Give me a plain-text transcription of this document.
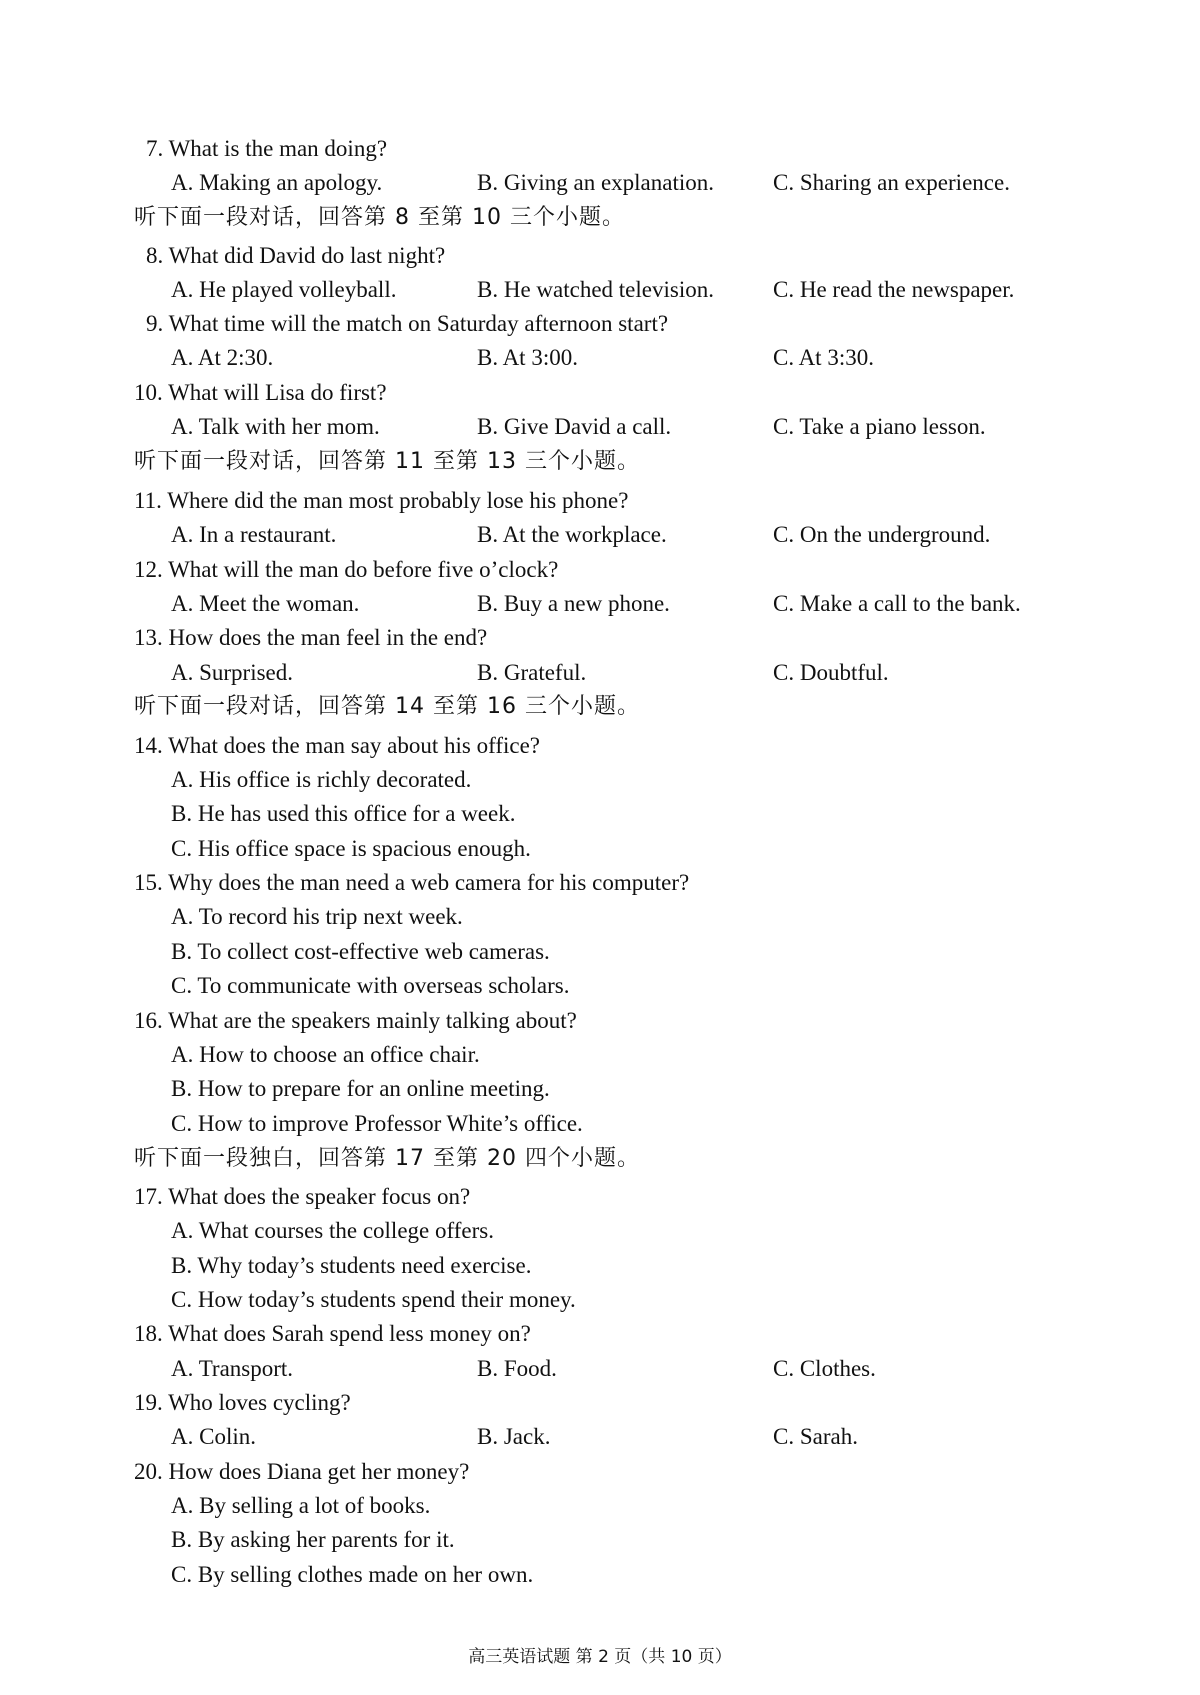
7. What is the man doing?
A. Making an apology.	B. Giving an explanation.	C. Sharing an experience.
听下面一段对话，回答第 8 至第 10 三个小题。
8. What did David do last night?
A. He played volleyball.	B. He watched television.	C. He read the newspaper.
9. What time will the match on Saturday afternoon start?
A. At 2:30.	B. At 3:00.	C. At 3:30.
10. What will Lisa do first?
A. Talk with her mom.	B. Give David a call.	C. Take a piano lesson.
听下面一段对话，回答第 11 至第 13 三个小题。
11. Where did the man most probably lose his phone?
A. In a restaurant.	B. At the workplace.	C. On the underground.
12. What will the man do before five o’clock?
A. Meet the woman.	B. Buy a new phone.	C. Make a call to the bank.
13. How does the man feel in the end?
A. Surprised.	B. Grateful.	C. Doubtful.
听下面一段对话，回答第 14 至第 16 三个小题。
14. What does the man say about his office?
A. His office is richly decorated.
B. He has used this office for a week.
C. His office space is spacious enough.
15. Why does the man need a web camera for his computer?
A. To record his trip next week.
B. To collect cost-effective web cameras.
C. To communicate with overseas scholars.
16. What are the speakers mainly talking about?
A. How to choose an office chair.
B. How to prepare for an online meeting.
C. How to improve Professor White’s office.
听下面一段独白，回答第 17 至第 20 四个小题。
17. What does the speaker focus on?
A. What courses the college offers.
B. Why today’s students need exercise.
C. How today’s students spend their money.
18. What does Sarah spend less money on?
A. Transport.	B. Food.	C. Clothes.
19. Who loves cycling?
A. Colin.	B. Jack.	C. Sarah.
20. How does Diana get her money?
A. By selling a lot of books.
B. By asking her parents for it.
C. By selling clothes made on her own.
高三英语试题 第 2 页（共 10 页）
